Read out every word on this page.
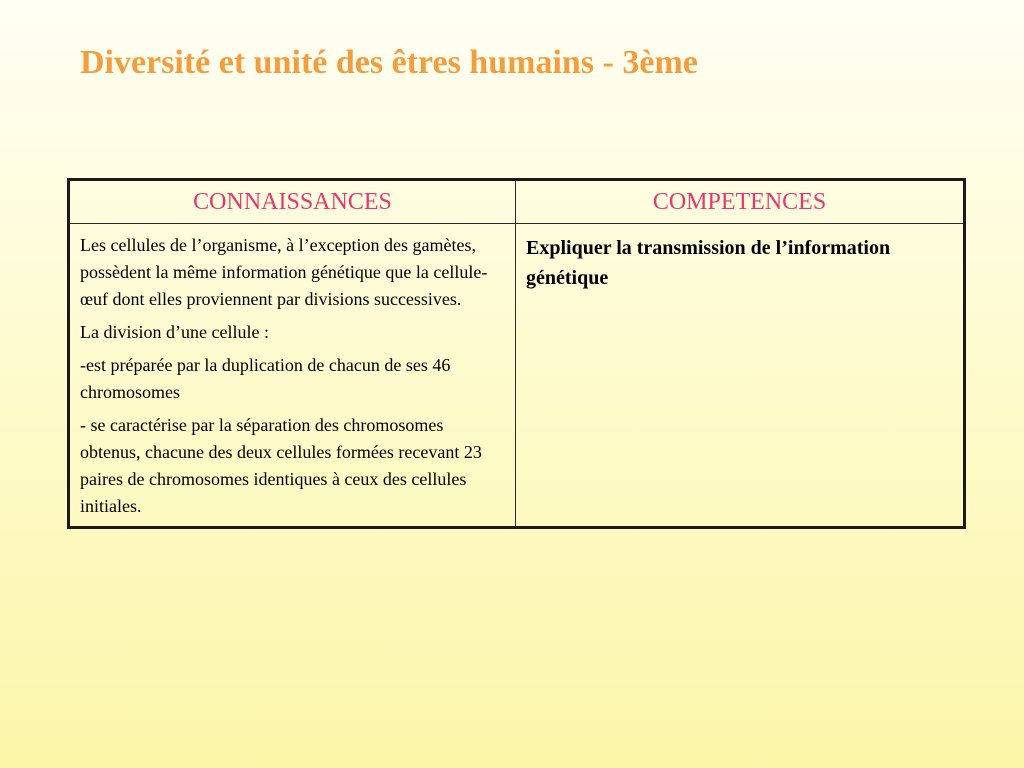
Diversité et unité des êtres humains - 3ème
CONNAISSANCES	COMPETENCES

Les cellules de l’organisme, à l’exception des gamètes, possèdent la même information génétique que la cellule-œuf dont elles proviennent par divisions successives.

La division d’une cellule :

-est préparée par la duplication de chacun de ses 46 chromosomes

- se caractérise par la séparation des chromosomes obtenus, chacune des deux cellules formées recevant 23 paires de chromosomes identiques à ceux des cellules initiales.	Expliquer la transmission de l’information génétique
